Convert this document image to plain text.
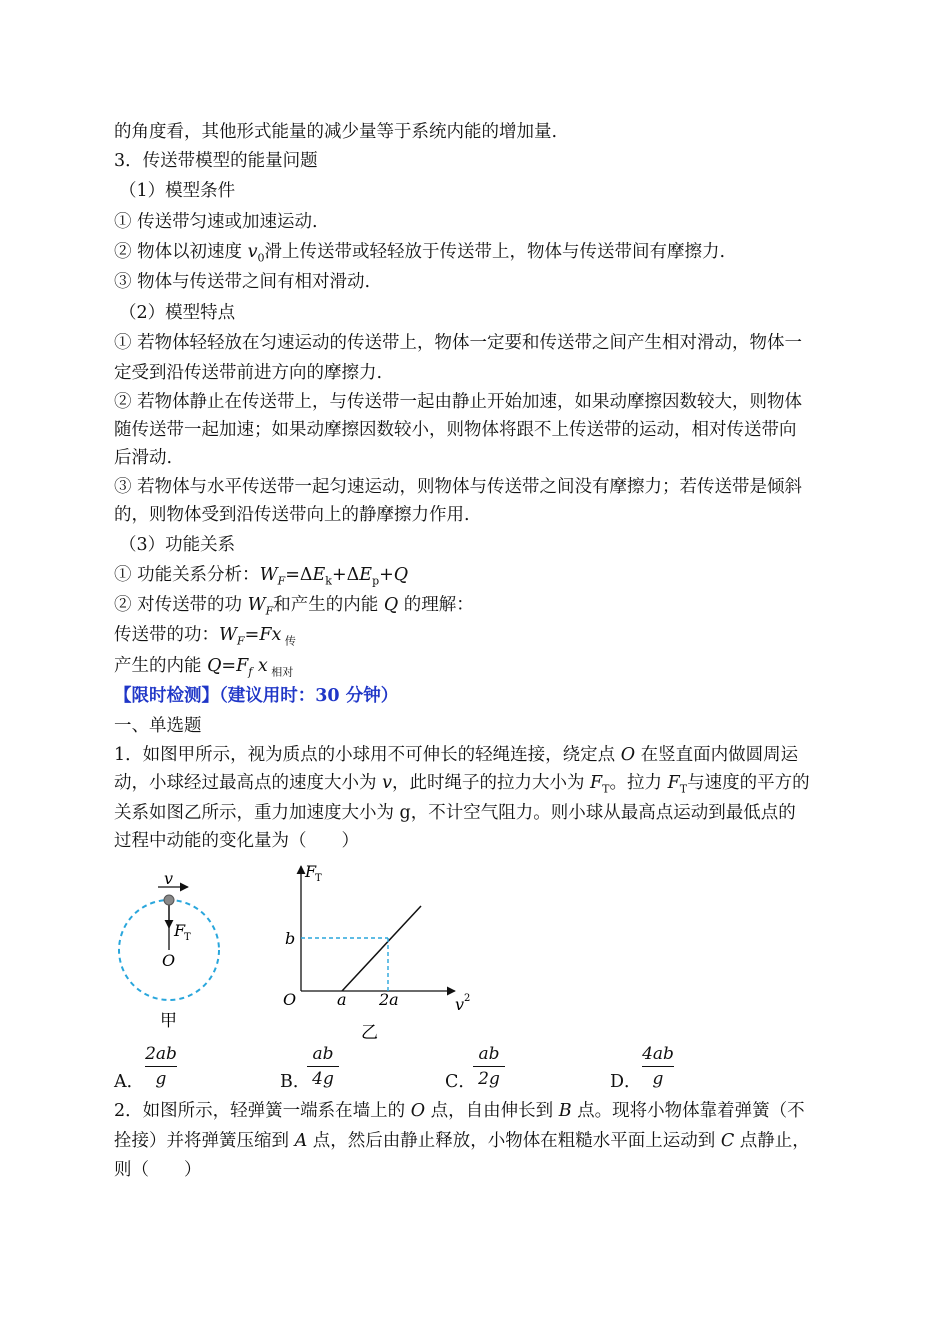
的角度看，其他形式能量的减少量等于系统内能的增加量.
3．传送带模型的能量问题
（1）模型条件
① 传送带匀速或加速运动.
② 物体以初速度 $v_0$滑上传送带或轻轻放于传送带上，物体与传送带间有摩擦力.
③ 物体与传送带之间有相对滑动.
（2）模型特点
① 若物体轻轻放在匀速运动的传送带上，物体一定要和传送带之间产生相对滑动，物体一
定受到沿传送带前进方向的摩擦力.
② 若物体静止在传送带上，与传送带一起由静止开始加速，如果动摩擦因数较大，则物体
随传送带一起加速；如果动摩擦因数较小，则物体将跟不上传送带的运动，相对传送带向
后滑动.
③ 若物体与水平传送带一起匀速运动，则物体与传送带之间没有摩擦力；若传送带是倾斜
的，则物体受到沿传送带向上的静摩擦力作用.
（3）功能关系
① 功能关系分析：$W_F=\Delta E_k+\Delta E_p+Q$
② 对传送带的功 $W_F$和产生的内能 Q 的理解：
传送带的功：$W_F=Fx$ $_传$
产生的内能 $Q=F_f$ x $_{相对}$
【限时检测】（建议用时：30 分钟）
一、单选题
1．如图甲所示，视为质点的小球用不可伸长的轻绳连接，绕定点 O 在竖直面内做圆周运
动，小球经过最高点的速度大小为 v，此时绳子的拉力大小为 $F_T$。拉力 $F_T$与速度的平方的
关系如图乙所示，重力加速度大小为 g，不计空气阻力。则小球从最高点运动到最低点的
过程中动能的变化量为（　　）
v
F
T
O
甲
F
T
b
O	a 2a	v 2
乙
A．
2ab
g	B．
ab
4g	C．
ab
2g	D．
4ab
g
2．如图所示，轻弹簧一端系在墙上的 O 点，自由伸长到 B 点。现将小物体靠着弹簧（不
拴接）并将弹簧压缩到 A 点，然后由静止释放，小物体在粗糙水平面上运动到 C 点静止，
则（　　）
